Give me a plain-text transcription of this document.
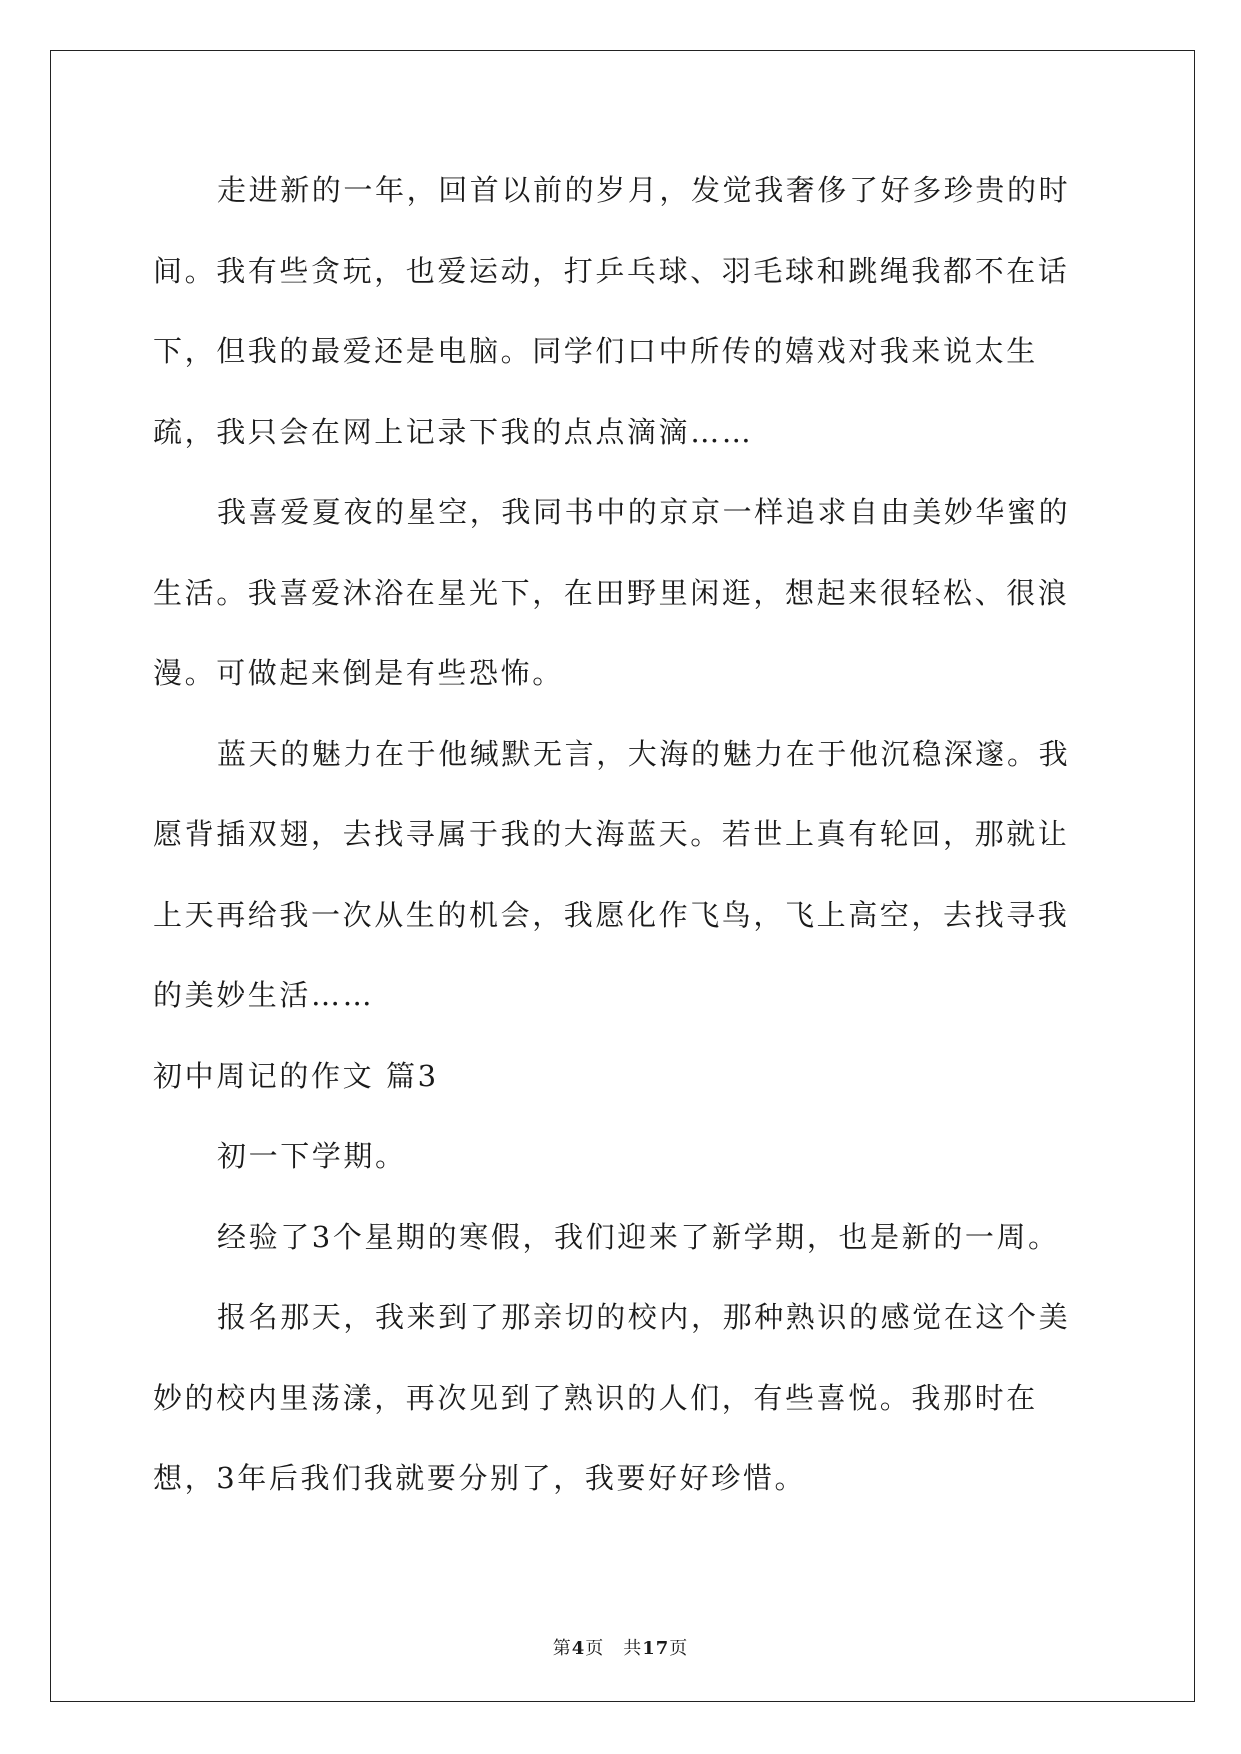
走进新的一年，回首以前的岁月，发觉我奢侈了好多珍贵的时间。我有些贪玩，也爱运动，打乒乓球、羽毛球和跳绳我都不在话下，但我的最爱还是电脑。同学们口中所传的嬉戏对我来说太生疏，我只会在网上记录下我的点点滴滴……

我喜爱夏夜的星空，我同书中的京京一样追求自由美妙华蜜的生活。我喜爱沐浴在星光下，在田野里闲逛，想起来很轻松、很浪漫。可做起来倒是有些恐怖。

蓝天的魅力在于他缄默无言，大海的魅力在于他沉稳深邃。我愿背插双翅，去找寻属于我的大海蓝天。若世上真有轮回，那就让上天再给我一次从生的机会，我愿化作飞鸟，飞上高空，去找寻我的美妙生活……

初中周记的作文 篇3

初一下学期。

经验了3个星期的寒假，我们迎来了新学期，也是新的一周。

报名那天，我来到了那亲切的校内，那种熟识的感觉在这个美妙的校内里荡漾，再次见到了熟识的人们，有些喜悦。我那时在想，3年后我们我就要分别了，我要好好珍惜。

第4页　共17页
